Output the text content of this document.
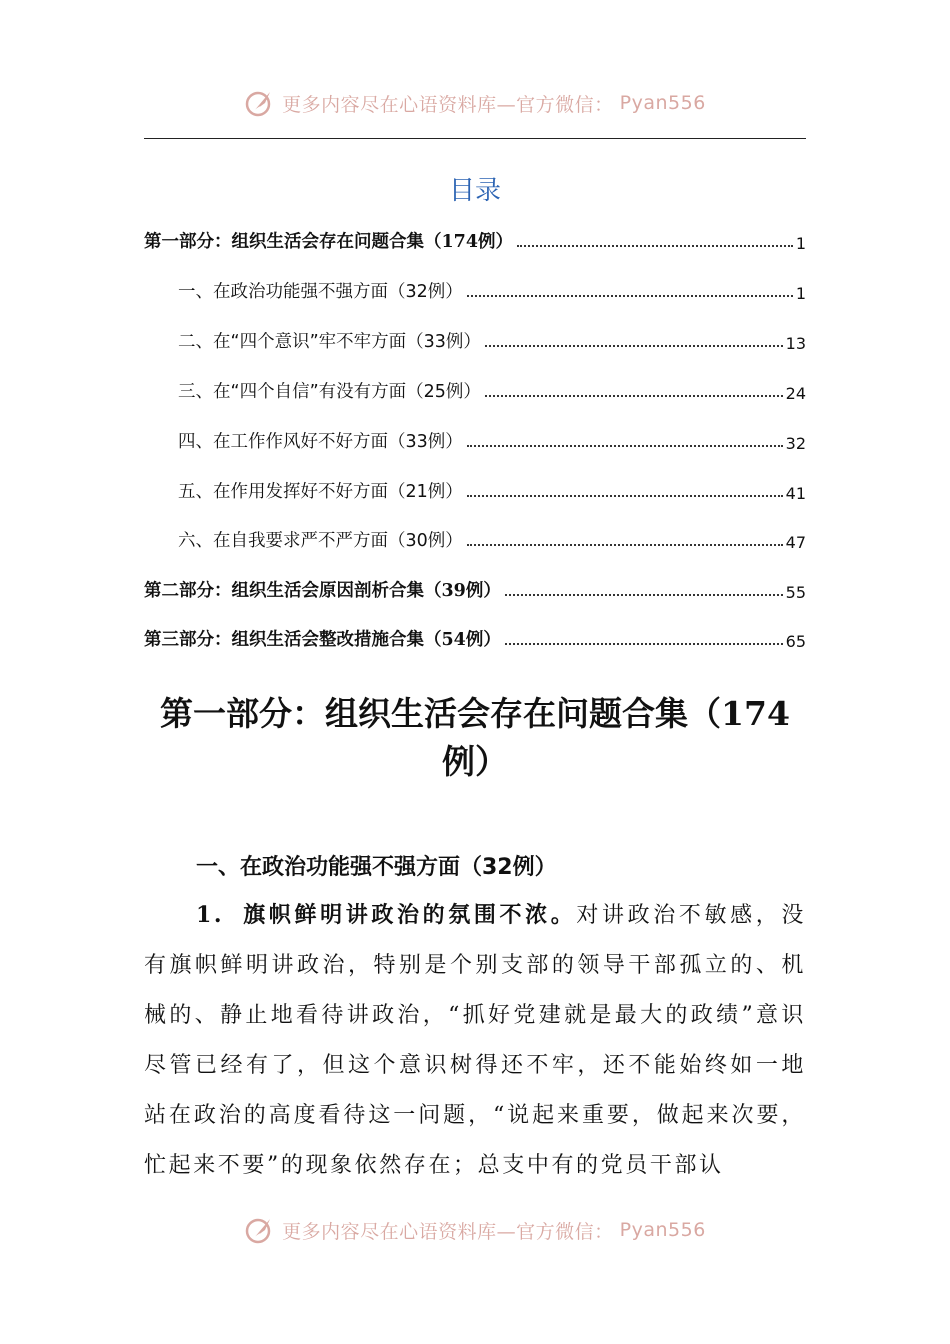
更多内容尽在心语资料库—官方微信： Pyan556
目录
第一部分：组织生活会存在问题合集（174例）	1
一、在政治功能强不强方面（32例）	1
二、在“四个意识”牢不牢方面（33例）	13
三、在“四个自信”有没有方面（25例）	24
四、在工作作风好不好方面（33例）	32
五、在作用发挥好不好方面（21例）	41
六、在自我要求严不严方面（30例）	47
第二部分：组织生活会原因剖析合集（39例）	55
第三部分：组织生活会整改措施合集（54例）	65
第一部分：组织生活会存在问题合集（174例）
一、在政治功能强不强方面（32例）
1. 旗帜鲜明讲政治的氛围不浓。对讲政治不敏感，没有旗帜鲜明讲政治，特别是个别支部的领导干部孤立的、机械的、静止地看待讲政治，“抓好党建就是最大的政绩”意识尽管已经有了，但这个意识树得还不牢，还不能始终如一地站在政治的高度看待这一问题，“说起来重要，做起来次要，忙起来不要”的现象依然存在；总支中有的党员干部认
更多内容尽在心语资料库—官方微信： Pyan556
